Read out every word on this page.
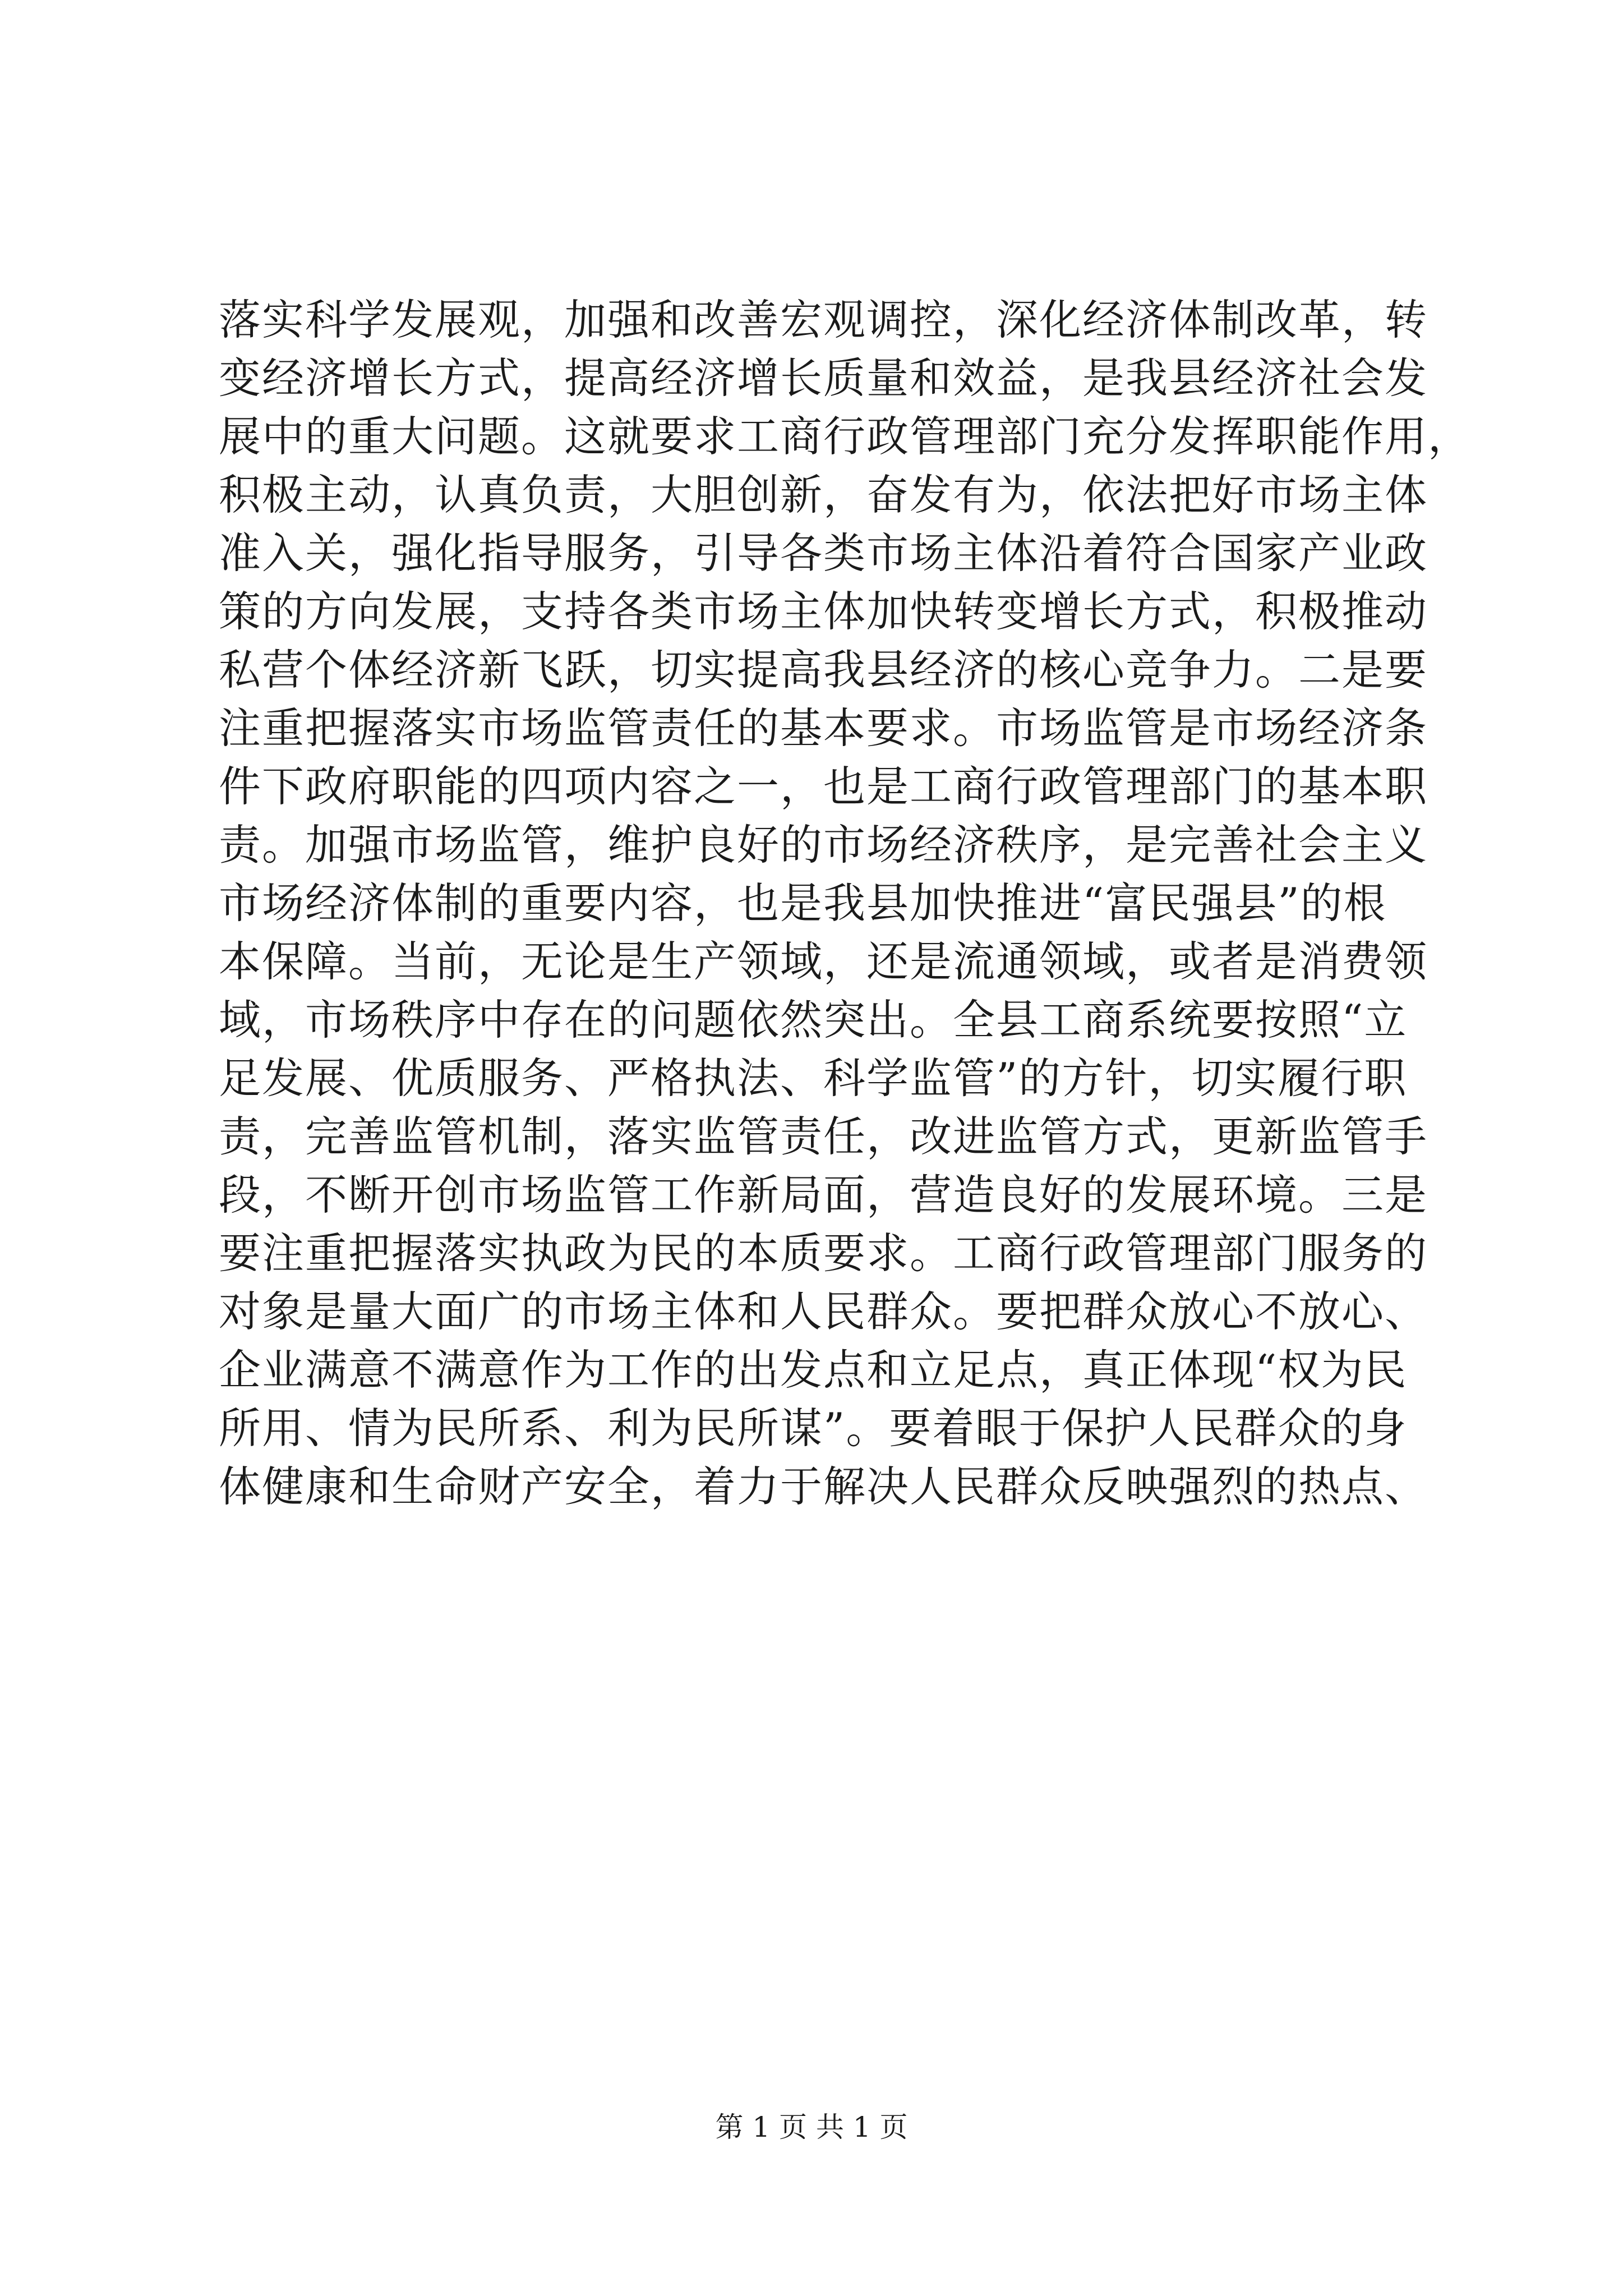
落实科学发展观，加强和改善宏观调控，深化经济体制改革，转
变经济增长方式，提高经济增长质量和效益，是我县经济社会发
展中的重大问题。这就要求工商行政管理部门充分发挥职能作用，
积极主动，认真负责，大胆创新，奋发有为，依法把好市场主体
准入关，强化指导服务，引导各类市场主体沿着符合国家产业政
策的方向发展，支持各类市场主体加快转变增长方式，积极推动
私营个体经济新飞跃，切实提高我县经济的核心竞争力。二是要
注重把握落实市场监管责任的基本要求。市场监管是市场经济条
件下政府职能的四项内容之一，也是工商行政管理部门的基本职
责。加强市场监管，维护良好的市场经济秩序，是完善社会主义
市场经济体制的重要内容，也是我县加快推进“富民强县”的根
本保障。当前，无论是生产领域，还是流通领域，或者是消费领
域，市场秩序中存在的问题依然突出。全县工商系统要按照“立
足发展、优质服务、严格执法、科学监管”的方针，切实履行职
责，完善监管机制，落实监管责任，改进监管方式，更新监管手
段，不断开创市场监管工作新局面，营造良好的发展环境。三是
要注重把握落实执政为民的本质要求。工商行政管理部门服务的
对象是量大面广的市场主体和人民群众。要把群众放心不放心、
企业满意不满意作为工作的出发点和立足点，真正体现“权为民
所用、情为民所系、利为民所谋”。要着眼于保护人民群众的身
体健康和生命财产安全，着力于解决人民群众反映强烈的热点、
第 1 页 共 1 页
